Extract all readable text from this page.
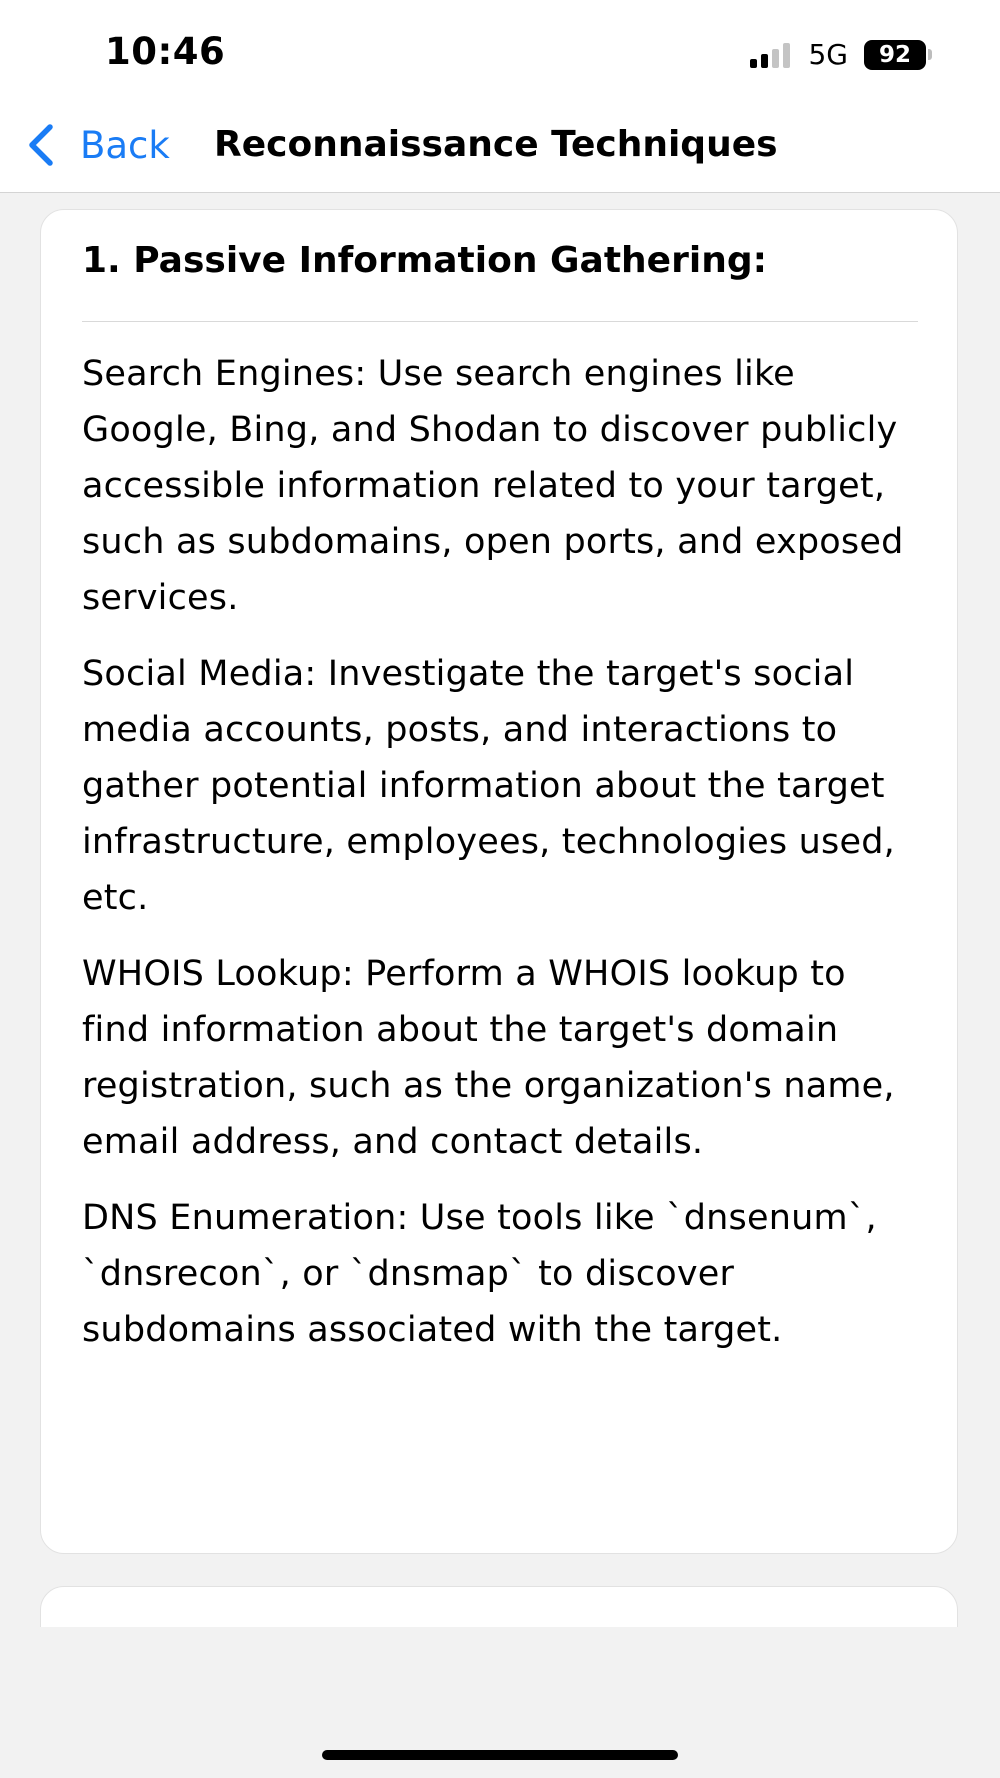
10:46	5G	92
Back Reconnaissance Techniques
1. Passive Information Gathering:

Search Engines: Use search engines like Google, Bing, and Shodan to discover publicly accessible information related to your target, such as subdomains, open ports, and exposed services.

Social Media: Investigate the target's social media accounts, posts, and interactions to gather potential information about the target infrastructure, employees, technologies used, etc.

WHOIS Lookup: Perform a WHOIS lookup to find information about the target's domain registration, such as the organization's name, email address, and contact details.

DNS Enumeration: Use tools like `dnsenum`, `dnsrecon`, or `dnsmap` to discover subdomains associated with the target.
